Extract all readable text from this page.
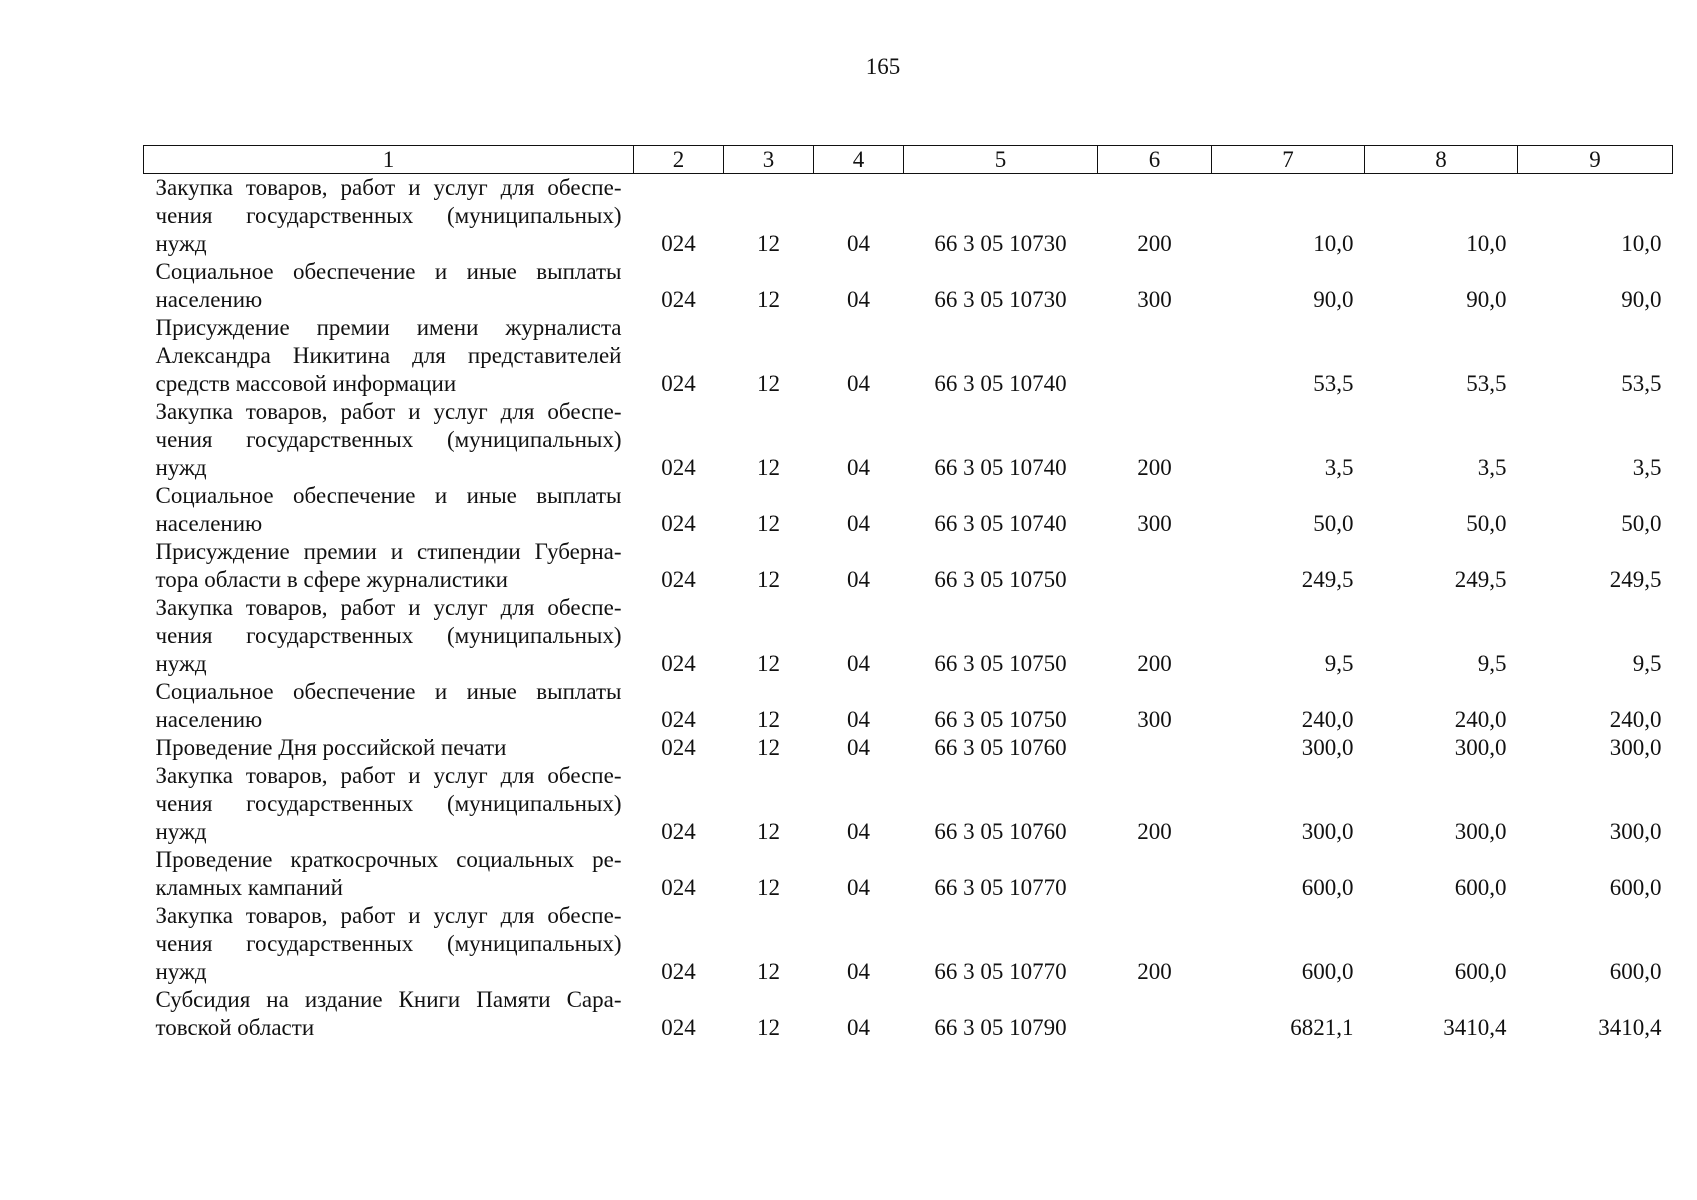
165
1	2	3	4	5	6	7	8	9
Закупка товаров, работ и услуг для обеспе-чения государственных (муниципальных) нужд	024	12	04	66 3 05 10730	200	10,0	10,0	10,0
Социальное обеспечение и иные выплаты населению	024	12	04	66 3 05 10730	300	90,0	90,0	90,0
Присуждение премии имени журналиста Александра Никитина для представителей средств массовой информации	024	12	04	66 3 05 10740		53,5	53,5	53,5
Закупка товаров, работ и услуг для обеспе-чения государственных (муниципальных) нужд	024	12	04	66 3 05 10740	200	3,5	3,5	3,5
Социальное обеспечение и иные выплаты населению	024	12	04	66 3 05 10740	300	50,0	50,0	50,0
Присуждение премии и стипендии Губерна-тора области в сфере журналистики	024	12	04	66 3 05 10750		249,5	249,5	249,5
Закупка товаров, работ и услуг для обеспе-чения государственных (муниципальных) нужд	024	12	04	66 3 05 10750	200	9,5	9,5	9,5
Социальное обеспечение и иные выплаты населению	024	12	04	66 3 05 10750	300	240,0	240,0	240,0
Проведение Дня российской печати	024	12	04	66 3 05 10760		300,0	300,0	300,0
Закупка товаров, работ и услуг для обеспе-чения государственных (муниципальных) нужд	024	12	04	66 3 05 10760	200	300,0	300,0	300,0
Проведение краткосрочных социальных ре-кламных кампаний	024	12	04	66 3 05 10770		600,0	600,0	600,0
Закупка товаров, работ и услуг для обеспе-чения государственных (муниципальных) нужд	024	12	04	66 3 05 10770	200	600,0	600,0	600,0
Субсидия на издание Книги Памяти Сара-товской области	024	12	04	66 3 05 10790		6821,1	3410,4	3410,4
